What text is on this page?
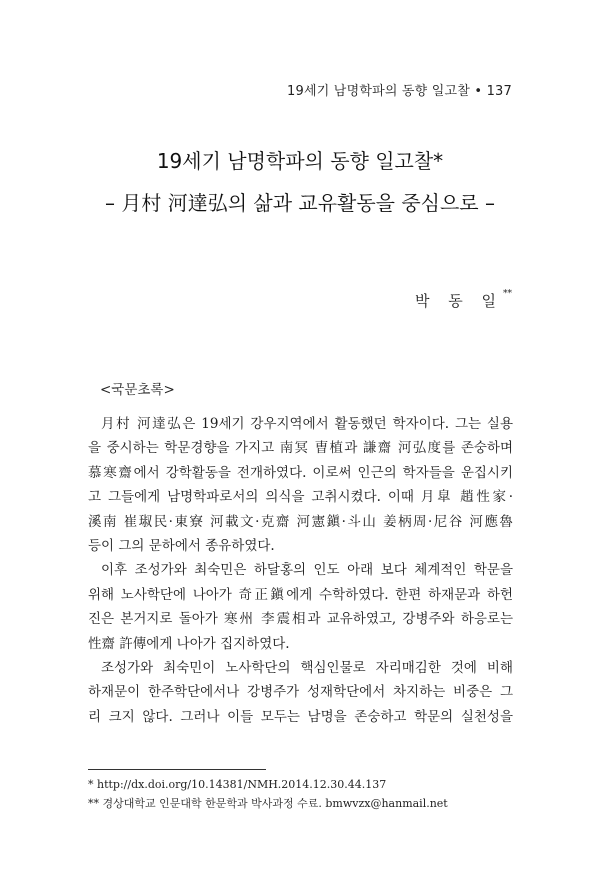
19세기 남명학파의 동향 일고찰 • 137
19세기 남명학파의 동향 일고찰*
– 月村 河達弘의 삶과 교유활동을 중심으로 –
박 동 일**
<국문초록>
月村 河達弘은 19세기 강우지역에서 활동했던 학자이다. 그는 실용
을 중시하는 학문경향을 가지고 南冥 曺植과 謙齋 河弘度를 존숭하며
慕寒齋에서 강학활동을 전개하였다. 이로써 인근의 학자들을 운집시키
고 그들에게 남명학파로서의 의식을 고취시켰다. 이때 月皐 趙性家·
溪南 崔琡民·東寮 河載文·克齋 河憲鎭·斗山 姜柄周·尼谷 河應魯
등이 그의 문하에서 종유하였다.
이후 조성가와 최숙민은 하달홍의 인도 아래 보다 체계적인 학문을
위해 노사학단에 나아가 奇正鎭에게 수학하였다. 한편 하재문과 하헌
진은 본거지로 돌아가 寒州 李震相과 교유하였고, 강병주와 하응로는
性齋 許傳에게 나아가 집지하였다.
조성가와 최숙민이 노사학단의 핵심인물로 자리매김한 것에 비해
하재문이 한주학단에서나 강병주가 성재학단에서 차지하는 비중은 그
리 크지 않다. 그러나 이들 모두는 남명을 존숭하고 학문의 실천성을
* http://dx.doi.org/10.14381/NMH.2014.12.30.44.137
** 경상대학교 인문대학 한문학과 박사과정 수료. bmwvzx@hanmail.net
